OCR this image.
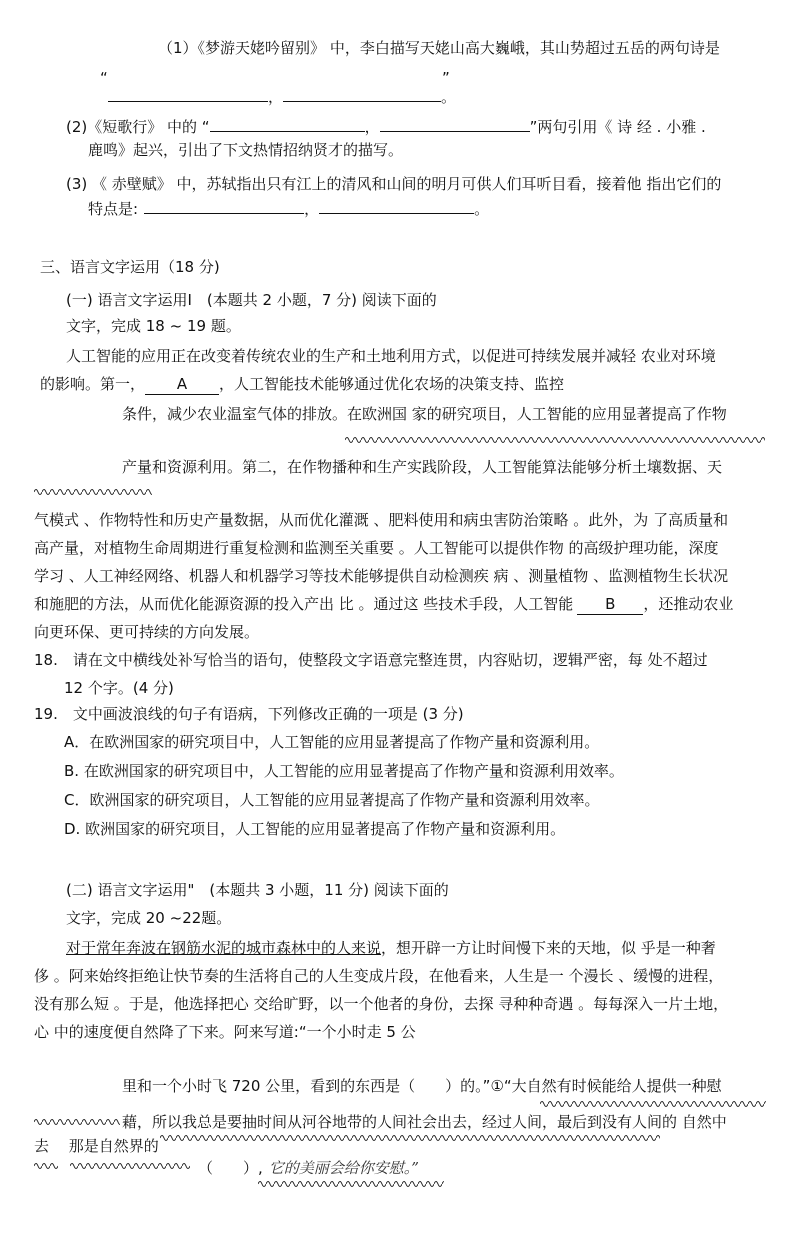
（1）《梦游天姥吟留别》 中，李白描写天姥山高大巍峨，其山势超过五岳的两句诗是
“	”
，	。
(2)《短歌行》 中的 “	，	”两句引用《 诗 经 . 小雅 .
鹿鸣》起兴，引出了下文热情招纳贤才的描写。
(3) 《 赤壁赋》 中，苏轼指出只有江上的清风和山间的明月可供人们耳听目看，接着他 指出它们的
特点是:	，	。
三、语言文字运用（18 分)
(一) 语言文字运用Ⅰ　(本题共 2 小题，7 分) 阅读下面的
文字，完成 18 ~ 19 题。
人工智能的应用正在改变着传统农业的生产和土地利用方式，以促进可持续发展并减轻 农业对环境
的影响。第一， A ，人工智能技术能够通过优化农场的决策支持、监控
条件，减少农业温室气体的排放。在欧洲国 家的研究项目，人工智能的应用显著提高了作物
产量和资源利用。第二，在作物播种和生产实践阶段，人工智能算法能够分析土壤数据、天
气模式 、作物特性和历史产量数据，从而优化灌溉 、肥料使用和病虫害防治策略 。此外，为 了高质量和
高产量，对植物生命周期进行重复检测和监测至关重要 。人工智能可以提供作物 的高级护理功能，深度
学习 、人工神经网络、机器人和机器学习等技术能够提供自动检测疾 病 、测量植物 、监测植物生长状况
和施肥的方法，从而优化能源资源的投入产出 比 。通过这 些技术手段，人工智能 B ，还推动农业
向更环保、更可持续的方向发展。
18.　请在文中横线处补写恰当的语句，使整段文字语意完整连贯，内容贴切，逻辑严密，每 处不超过
12 个字。(4 分)
19.　文中画波浪线的句子有语病，下列修改正确的一项是 (3 分)
A．在欧洲国家的研究项目中，人工智能的应用显著提高了作物产量和资源利用。
B. 在欧洲国家的研究项目中，人工智能的应用显著提高了作物产量和资源利用效率。
C．欧洲国家的研究项目，人工智能的应用显著提高了作物产量和资源利用效率。
D. 欧洲国家的研究项目，人工智能的应用显著提高了作物产量和资源利用。
(二) 语言文字运用"　(本题共 3 小题，11 分) 阅读下面的
文字，完成 20 ~22题。
对于常年奔波在钢筋水泥的城市森林中的人来说，想开辟一方让时间慢下来的天地，似 乎是一种奢
侈 。阿来始终拒绝让快节奏的生活将自己的人生变成片段，在他看来，人生是一 个漫长 、缓慢的进程，
没有那么短 。于是，他选择把心 交给旷野，以一个他者的身份，去探 寻种种奇遇 。每每深入一片土地，
心 中的速度便自然降了下来。阿来写道:“一个小时走 5 公
里和一个小时飞 720 公里，看到的东西是（　　）的。”①“大自然有时候能给人提供一种慰
藉，所以我总是要抽时间从河谷地带的人间社会出去，经过人间，最后到没有人间的 自然中
去　 那是自然界的
（　　）, 它的美丽会给你安慰。”
